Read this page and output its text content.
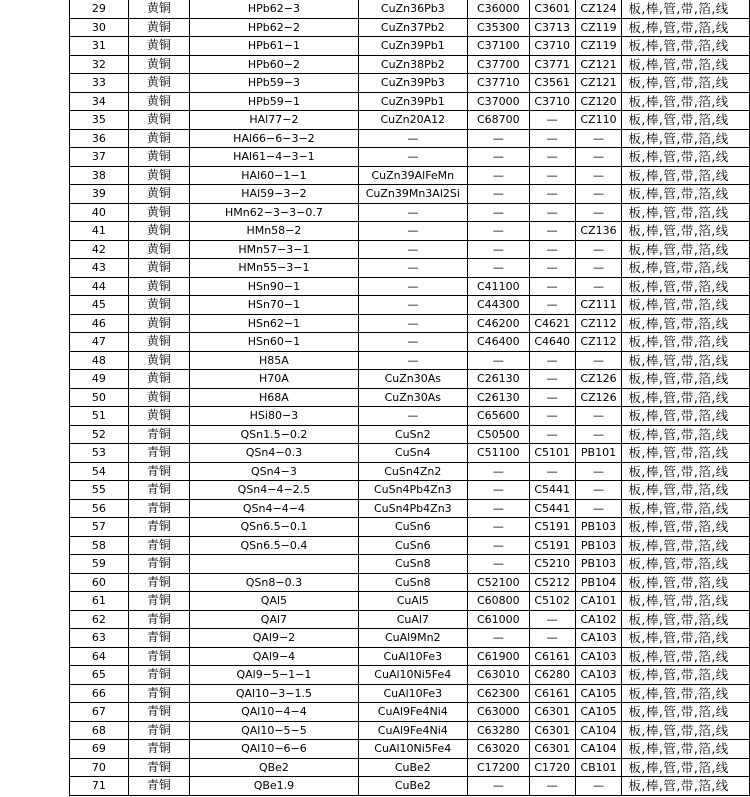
29	黄铜	HPb62−3	CuZn36Pb3	C36000	C3601	CZ124	板,棒,管,带,箔,线
30	黄铜	HPb62−2	CuZn37Pb2	C35300	C3713	CZ119	板,棒,管,带,箔,线
31	黄铜	HPb61−1	CuZn39Pb1	C37100	C3710	CZ119	板,棒,管,带,箔,线
32	黄铜	HPb60−2	CuZn38Pb2	C37700	C3771	CZ121	板,棒,管,带,箔,线
33	黄铜	HPb59−3	CuZn39Pb3	C37710	C3561	CZ121	板,棒,管,带,箔,线
34	黄铜	HPb59−1	CuZn39Pb1	C37000	C3710	CZ120	板,棒,管,带,箔,线
35	黄铜	HAl77−2	CuZn20A12	C68700	—	CZ110	板,棒,管,带,箔,线
36	黄铜	HAl66−6−3−2	—	—	—	—	板,棒,管,带,箔,线
37	黄铜	HAl61−4−3−1	—	—	—	—	板,棒,管,带,箔,线
38	黄铜	HAl60−1−1	CuZn39AlFeMn	—	—	—	板,棒,管,带,箔,线
39	黄铜	HAl59−3−2	CuZn39Mn3Al2Si	—	—	—	板,棒,管,带,箔,线
40	黄铜	HMn62−3−3−0.7	—	—	—	—	板,棒,管,带,箔,线
41	黄铜	HMn58−2	—	—	—	CZ136	板,棒,管,带,箔,线
42	黄铜	HMn57−3−1	—	—	—	—	板,棒,管,带,箔,线
43	黄铜	HMn55−3−1	—	—	—	—	板,棒,管,带,箔,线
44	黄铜	HSn90−1	—	C41100	—	—	板,棒,管,带,箔,线
45	黄铜	HSn70−1	—	C44300	—	CZ111	板,棒,管,带,箔,线
46	黄铜	HSn62−1	—	C46200	C4621	CZ112	板,棒,管,带,箔,线
47	黄铜	HSn60−1	—	C46400	C4640	CZ112	板,棒,管,带,箔,线
48	黄铜	H85A	—	—	—	—	板,棒,管,带,箔,线
49	黄铜	H70A	CuZn30As	C26130	—	CZ126	板,棒,管,带,箔,线
50	黄铜	H68A	CuZn30As	C26130	—	CZ126	板,棒,管,带,箔,线
51	黄铜	HSi80−3	—	C65600	—	—	板,棒,管,带,箔,线
52	青铜	QSn1.5−0.2	CuSn2	C50500	—	—	板,棒,管,带,箔,线
53	青铜	QSn4−0.3	CuSn4	C51100	C5101	PB101	板,棒,管,带,箔,线
54	青铜	QSn4−3	CuSn4Zn2	—	—	—	板,棒,管,带,箔,线
55	青铜	QSn4−4−2.5	CuSn4Pb4Zn3	—	C5441	—	板,棒,管,带,箔,线
56	青铜	QSn4−4−4	CuSn4Pb4Zn3	—	C5441	—	板,棒,管,带,箔,线
57	青铜	QSn6.5−0.1	CuSn6	—	C5191	PB103	板,棒,管,带,箔,线
58	青铜	QSn6.5−0.4	CuSn6	—	C5191	PB103	板,棒,管,带,箔,线
59	青铜		CuSn8	—	C5210	PB103	板,棒,管,带,箔,线
60	青铜	QSn8−0.3	CuSn8	C52100	C5212	PB104	板,棒,管,带,箔,线
61	青铜	QAl5	CuAl5	C60800	C5102	CA101	板,棒,管,带,箔,线
62	青铜	QAl7	CuAl7	C61000	—	CA102	板,棒,管,带,箔,线
63	青铜	QAl9−2	CuAl9Mn2	—	—	CA103	板,棒,管,带,箔,线
64	青铜	QAl9−4	CuAl10Fe3	C61900	C6161	CA103	板,棒,管,带,箔,线
65	青铜	QAl9−5−1−1	CuAl10Ni5Fe4	C63010	C6280	CA103	板,棒,管,带,箔,线
66	青铜	QAl10−3−1.5	CuAl10Fe3	C62300	C6161	CA105	板,棒,管,带,箔,线
67	青铜	QAl10−4−4	CuAl9Fe4Ni4	C63000	C6301	CA105	板,棒,管,带,箔,线
68	青铜	QAl10−5−5	CuAl9Fe4Ni4	C63280	C6301	CA104	板,棒,管,带,箔,线
69	青铜	QAl10−6−6	CuAl10Ni5Fe4	C63020	C6301	CA104	板,棒,管,带,箔,线
70	青铜	QBe2	CuBe2	C17200	C1720	CB101	板,棒,管,带,箔,线
71	青铜	QBe1.9	CuBe2	—	—	—	板,棒,管,带,箔,线
